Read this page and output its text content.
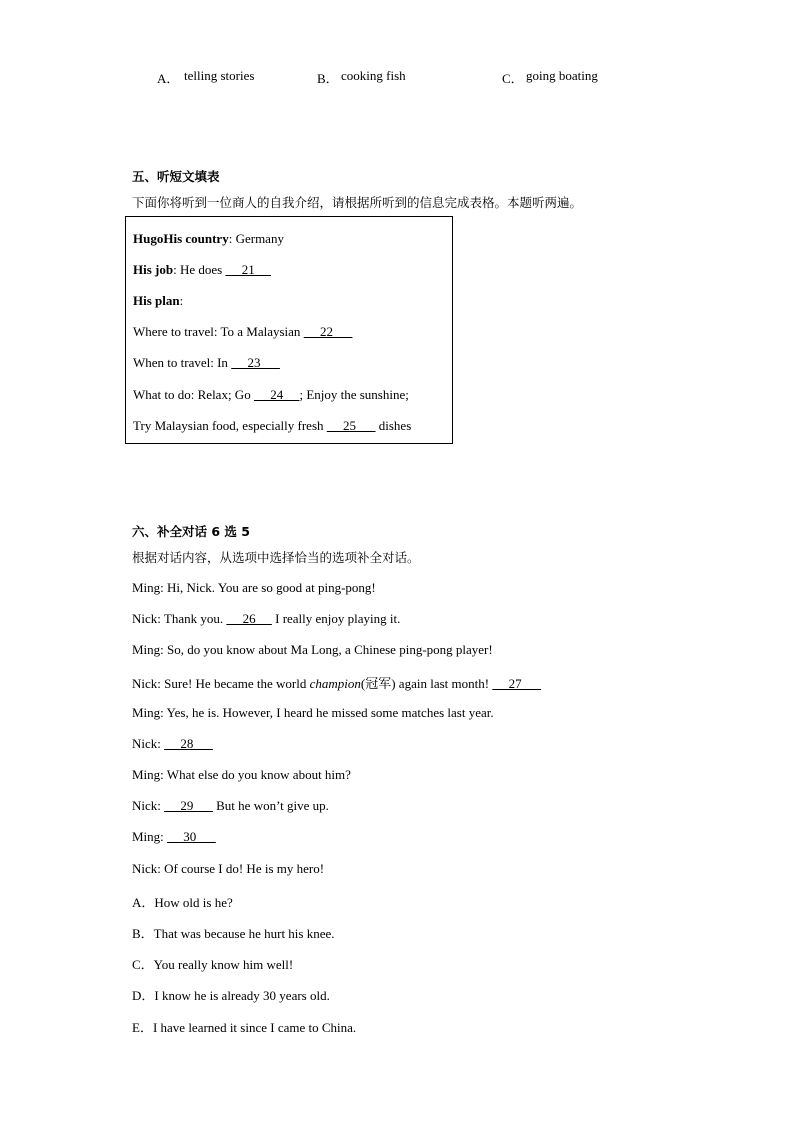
A． telling stories	B． cooking fish	C． going boating
五、听短文填表
下面你将听到一位商人的自我介绍，请根据所听到的信息完成表格。本题听两遍。
HugoHis country: Germany
His job: He does      21
His plan:
Where to travel: To a Malaysian      22
When to travel: In      23
What to do: Relax; Go      24     ; Enjoy the sunshine;
Try Malaysian food, especially fresh      25       dishes
六、补全对话 6 选 5
根据对话内容，从选项中选择恰当的选项补全对话。
Ming: Hi, Nick. You are so good at ping-pong!
Nick: Thank you.      26      I really enjoy playing it.
Ming: So, do you know about Ma Long, a Chinese ping-pong player!
Nick: Sure! He became the world champion(冠军) again last month!      27
Ming: Yes, he is. However, I heard he missed some matches last year.
Nick:      28
Ming: What else do you know about him?
Nick:      29       But he won’t give up.
Ming:      30
Nick: Of course I do! He is my hero!
A．How old is he?
B．That was because he hurt his knee.
C．You really know him well!
D．I know he is already 30 years old.
E．I have learned it since I came to China.
